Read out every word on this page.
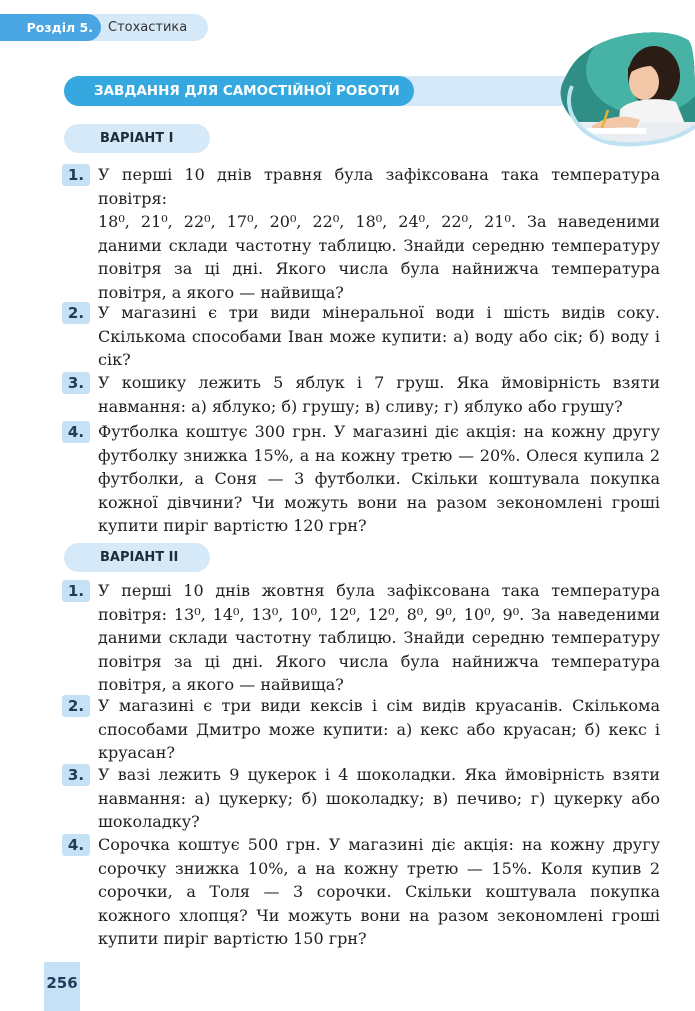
Розділ 5.	Стохастика
ЗАВДАННЯ ДЛЯ САМОСТІЙНОЇ РОБОТИ
ВАРІАНТ I
1. У перші 10 днів травня була зафіксована така температура повітря:
18⁰, 21⁰, 22⁰, 17⁰, 20⁰, 22⁰, 18⁰, 24⁰, 22⁰, 21⁰. За наведеними даними склади частотну таблицю. Знайди середню температуру повітря за ці дні. Якого числа була найнижча температура повітря, а якого — найвища?
2. У магазині є три види мінеральної води і шість видів соку. Скількома способами Іван може купити: а) воду або сік; б) воду і сік?
3. У кошику лежить 5 яблук і 7 груш. Яка ймовірність взяти навмання: а) яблуко; б) грушу; в) сливу; г) яблуко або грушу?
4. Футболка коштує 300 грн. У магазині діє акція: на кожну другу футболку знижка 15%, а на кожну третю — 20%. Олеся купила 2 футболки, а Соня — 3 футболки. Скільки коштувала покупка кожної дівчини? Чи можуть вони на разом зекономлені гроші купити пиріг вартістю 120 грн?
ВАРІАНТ II
1. У перші 10 днів жовтня була зафіксована така температура повітря: 13⁰, 14⁰, 13⁰, 10⁰, 12⁰, 12⁰, 8⁰, 9⁰, 10⁰, 9⁰. За наведеними даними склади частотну таблицю. Знайди середню температуру повітря за ці дні. Якого числа була найнижча температура повітря, а якого — найвища?
2. У магазині є три види кексів і сім видів круасанів. Скількома способами Дмитро може купити: а) кекс або круасан; б) кекс і круасан?
3. У вазі лежить 9 цукерок і 4 шоколадки. Яка ймовірність взяти навмання: а) цукерку; б) шоколадку; в) печиво; г) цукерку або шоколадку?
4. Сорочка коштує 500 грн. У магазині діє акція: на кожну другу сорочку знижка 10%, а на кожну третю — 15%. Коля купив 2 сорочки, а Толя — 3 сорочки. Скільки коштувала покупка кожного хлопця? Чи можуть вони на разом зекономлені гроші купити пиріг вартістю 150 грн?
256
